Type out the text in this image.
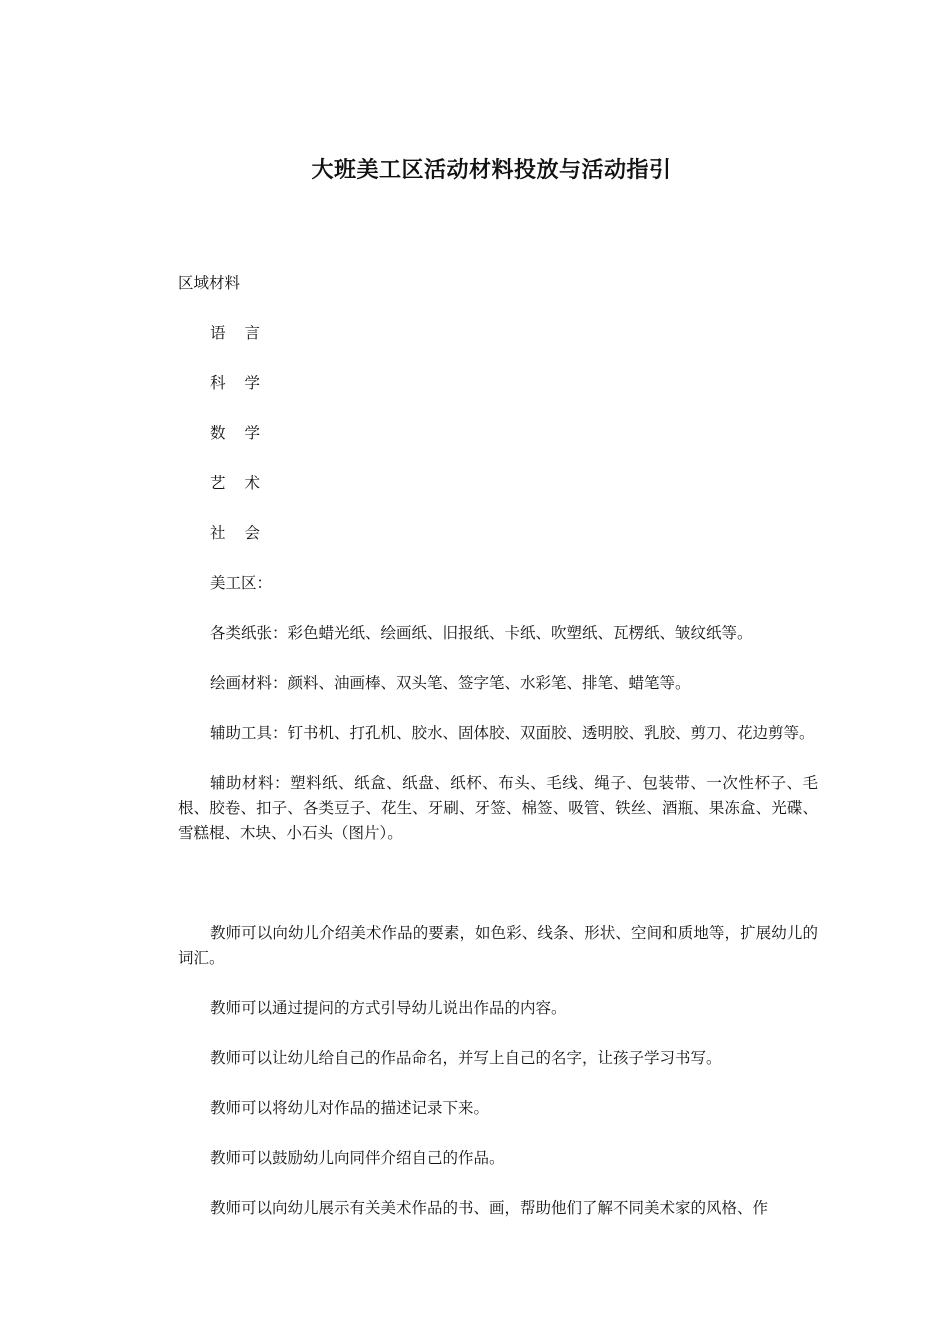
大班美工区活动材料投放与活动指引

区域材料

语言

科学

数学

艺术

社会

美工区：

各类纸张：彩色蜡光纸、绘画纸、旧报纸、卡纸、吹塑纸、瓦楞纸、皱纹纸等。

绘画材料：颜料、油画棒、双头笔、签字笔、水彩笔、排笔、蜡笔等。

辅助工具：钉书机、打孔机、胶水、固体胶、双面胶、透明胶、乳胶、剪刀、花边剪等。

辅助材料：塑料纸、纸盒、纸盘、纸杯、布头、毛线、绳子、包装带、一次性杯子、毛根、胶卷、扣子、各类豆子、花生、牙刷、牙签、棉签、吸管、铁丝、酒瓶、果冻盒、光碟、雪糕棍、木块、小石头（图片）。

教师可以向幼儿介绍美术作品的要素，如色彩、线条、形状、空间和质地等，扩展幼儿的词汇。

教师可以通过提问的方式引导幼儿说出作品的内容。

教师可以让幼儿给自己的作品命名，并写上自己的名字，让孩子学习书写。

教师可以将幼儿对作品的描述记录下来。

教师可以鼓励幼儿向同伴介绍自己的作品。

教师可以向幼儿展示有关美术作品的书、画，帮助他们了解不同美术家的风格、作
